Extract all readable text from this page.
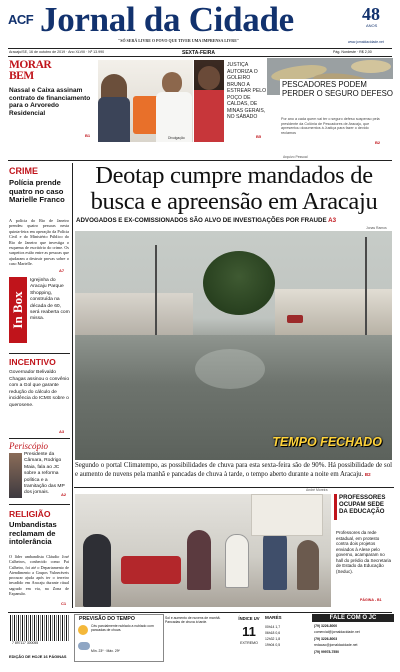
ACF Jornal da Cidade
"SÓ SERÁ LIVRE O POVO QUE TIVER UMA IMPRENSA LIVRE"
48
ANOS
www.jornaldacidade.net
Aracaju/SE, 16 de outubro de 2019 · Ano XLVIII · Nº 13.990	SEXTA-FEIRA	Pág. Nordeste · R$ 2,00
MORAR BEM
Nassal e Caixa assinam contrato de financiamento para o Arvoredo Residencial
B1	Divulgação
JUSTIÇA AUTORIZA O GOLEIRO BRUNO A ESTREAR PELO POÇO DE CALDAS, DE MINAS GERAIS, NO SÁBADO
B5
PESCADORES PODEM PERDER O SEGURO DEFESO
Por ano a cada quem vai ter o seguro defeso suspenso pela presidente da Colônia de Pescadores de Aracaju, que apresentou documentos à Justiça para fazer o devido reclamos
B2
Arquivo Pessoal
CRIME
Polícia prende quatro no caso Marielle Franco
A polícia do Rio de Janeiro prendeu quatro pessoas nesta quinta-feira em operação da Polícia Civil e do Ministério Público do Rio de Janeiro que investiga o esquema de escritório do crime. Os suspeitos estão entre as pessoas que ajudaram a destruir provas sobre o caso Marielle.
A7
In Box
Igrejinha do Aracaju Parque Shopping, construída na década de 60, será reaberta com missa.
INCENTIVO
Governador Belivaldo Chagas assinou o convênio com a Gol que garante redução do cálculo de incidência do ICMS sobre o querosene.
A3
Periscópio
Presidente da Câmara, Rodrigo Maia, fala ao JC sobre a reforma política e a tramitação das MP dos jornais.	A2
RELIGIÃO
Umbandistas reclamam de intolerância
O líder umbandista Cláudio José Calheiros, conhecido como Pai Calheiro, foi até o Departamento de Atendimento a Grupos Vulneráveis procurar ajuda após ter o terreiro invadido em Aracaju durante ritual sagrado em via, na Zona de Expansão.
C1
Deotap cumpre mandados de busca e apreensão em Aracaju
ADVOGADOS E EX-COMISSIONADOS SÃO ALVO DE INVESTIGAÇÕES POR FRAUDE A3
Jonas Ramos
TEMPO FECHADO
Segundo o portal Climatempo, as possibilidades de chuva para esta sexta-feira são de 90%. Há possibilidade de sol e aumento de nuvens pela manhã e pancadas de chuva à tarde, o tempo aberto durante a noite em Aracaju. B2
André Moreira
PROFESSORES OCUPAM SEDE DA EDUCAÇÃO
Professores da rede estadual, em protesto contra dois projetos enviados à Alese pelo governo, acamparam no hall do prédio da Secretaria de Estado da Educação (Seduc).
PÁGINA - B1
7 897117 300055
EDIÇÃO DE HOJE 16 PÁGINAS
PREVISÃO DO TEMPO
Céu parcialmente nublado a nublado com pancadas de chuva.
Mín. 23º · Máx. 29º
Sol e aumento de nuvens de manhã. Pancadas de chuva à tarde.
ÍNDICE UV
11
EXTREMO
MARÉS
00h14 1,7
06h18 0,6
12h32 1,8
19h04 0,5
FALE COM O JC
(79) 3226-8000
comercial@jornaldacidade.net
(79) 3226-8003
redacao@jornaldacidade.net
(79) 99978-7550
